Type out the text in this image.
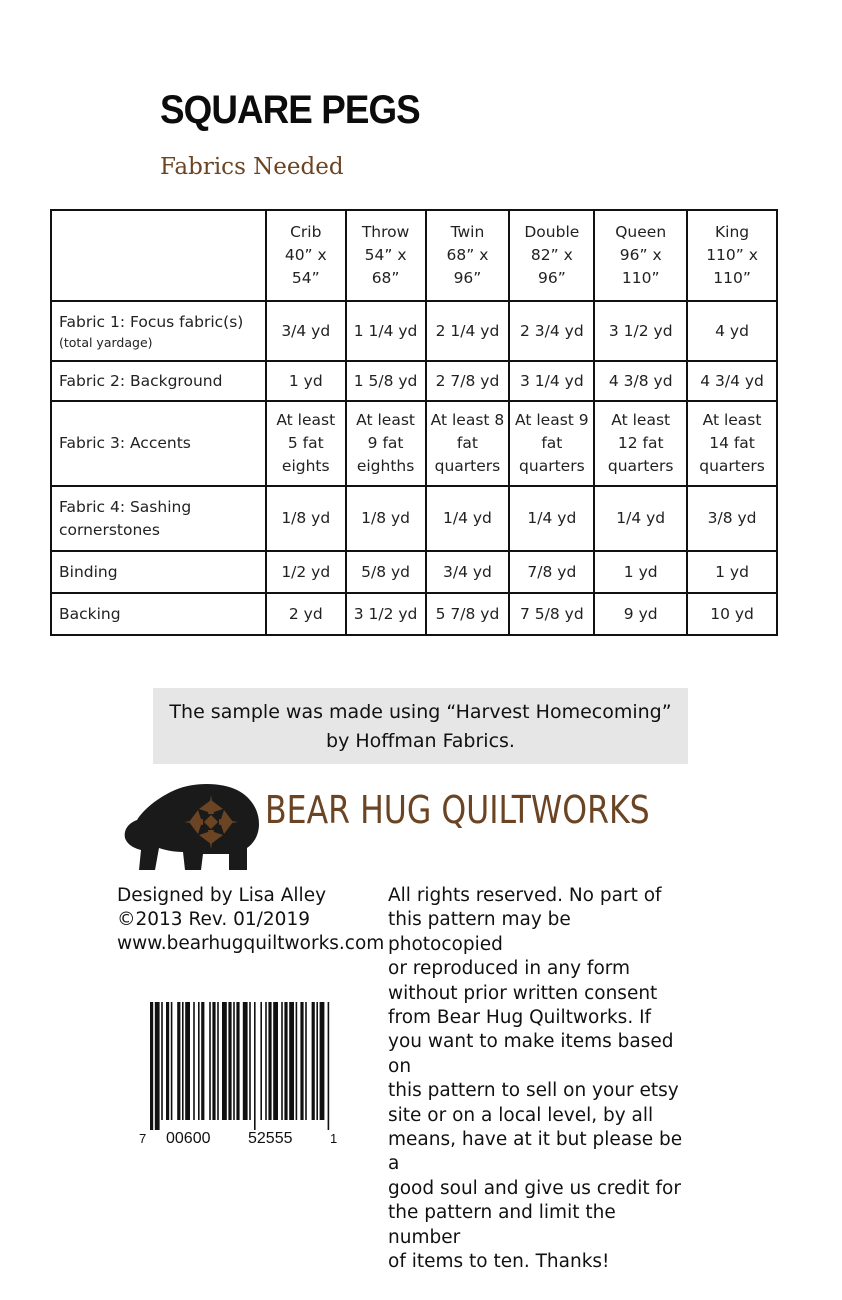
SQUARE PEGS
Fabrics Needed

	Crib
40” x
54”	Throw
54” x
68”	Twin
68” x
96”	Double
82” x
96”	Queen
96” x
110”	King
110” x
110”

Fabric 1: Focus fabric(s)
(total yardage)	3/4 yd	1 1/4 yd	2 1/4 yd	2 3/4 yd	3 1/2 yd	4 yd
Fabric 2: Background	1 yd	1 5/8 yd	2 7/8 yd	3 1/4 yd	4 3/8 yd	4 3/4 yd
Fabric 3: Accents	At least 5 fat eights	At least 9 fat eighths	At least 8 fat quarters	At least 9 fat quarters	At least 12 fat quarters	At least 14 fat quarters
Fabric 4: Sashing cornerstones	1/8 yd	1/8 yd	1/4 yd	1/4 yd	1/4 yd	3/8 yd
Binding	1/2 yd	5/8 yd	3/4 yd	7/8 yd	1 yd	1 yd
Backing	2 yd	3 1/2 yd	5 7/8 yd	7 5/8 yd	9 yd	10 yd
The sample was made using “Harvest Homecoming”
by Hoffman Fabrics.
BEAR HUG QUILTWORKS
Designed by Lisa Alley
©2013 Rev. 01/2019
www.bearhugquiltworks.com
All rights reserved. No part of
this pattern may be photocopied
or reproduced in any form
without prior written consent
from Bear Hug Quiltworks. If
you want to make items based on
this pattern to sell on your etsy
site or on a local level, by all
means, have at it but please be a
good soul and give us credit for
the pattern and limit the number
of items to ten. Thanks!
7 00600 52555	1
